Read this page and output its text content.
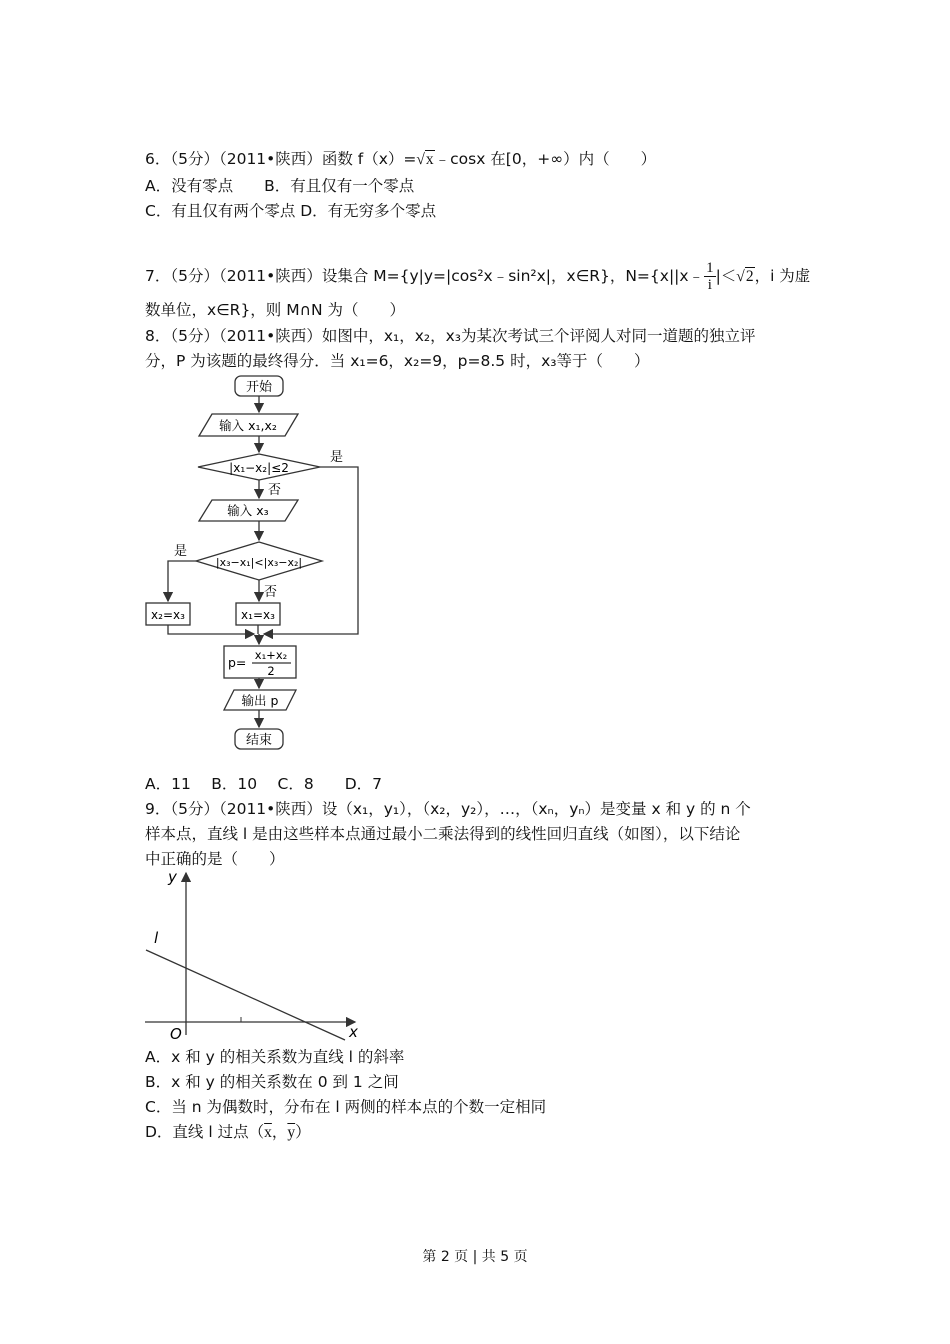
6．（5分）（2011•陕西）函数 f（x）=√x﹣cosx 在[0，+∞）内（　　）
A．没有零点　　B．有且仅有一个零点
C．有且仅有两个零点 D．有无穷多个零点
7．（5分）（2011•陕西）设集合 M={y|y=|cos²x﹣sin²x|，x∈R}，N={x||x﹣ $\frac{1}{i} |<√2$，i 为虚
数单位，x∈R}，则 M∩N 为（　　）
8．（5分）（2011•陕西）如图中，x₁，x₂，x₃为某次考试三个评阅人对同一道题的独立评
分，P 为该题的最终得分．当 x₁=6，x₂=9，p=8.5 时，x₃等于（　　）
开始
输入 x₁,x₂
|x₁−x₂|≤2
是
否
输入 x₃
|x₃−x₁|<|x₃−x₂|
是
否
x₂=x₃	x₁=x₃
p= x₁+x₂
2
输出 p
结束
A．11　 B．10　 C．8　　D．7
9．（5分）（2011•陕西）设（x₁，y₁），（x₂，y₂），…，（xₙ，yₙ）是变量 x 和 y 的 n 个
样本点，直线 l 是由这些样本点通过最小二乘法得到的线性回归直线（如图），以下结论
中正确的是（　　）
y
x
O
l
A．x 和 y 的相关系数为直线 l 的斜率
B．x 和 y 的相关系数在 0 到 1 之间
C．当 n 为偶数时，分布在 l 两侧的样本点的个数一定相同
D．直线 l 过点（$\overline{x}$，$\overline{y}$）
第 2 页 | 共 5 页
